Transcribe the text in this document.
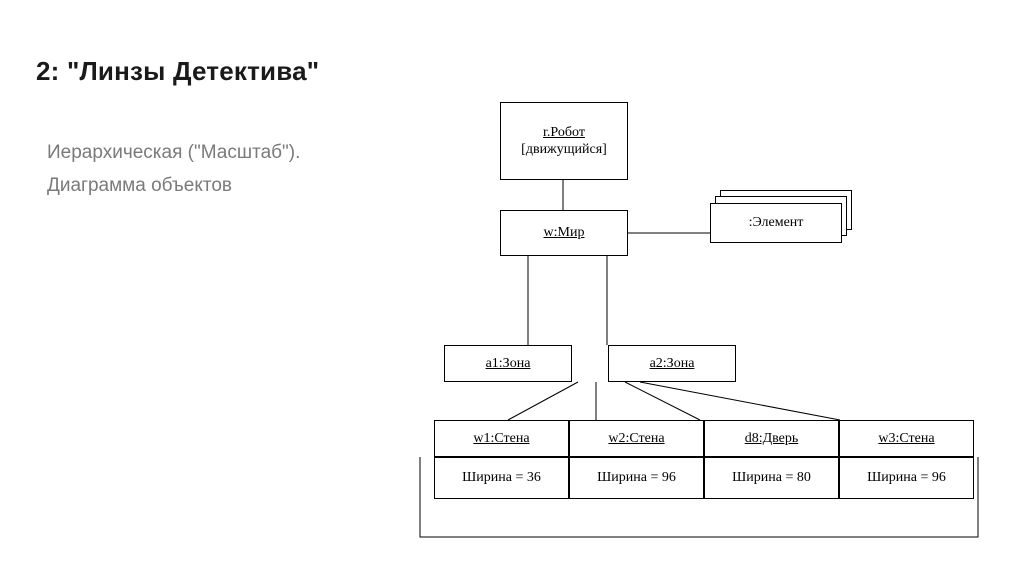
2: "Линзы Детектива"
Иерархическая ("Масштаб").
Диаграмма объектов
r.Робот
[движущийся]
w:Мир
:Элемент
a1:Зона	a2:Зона
w1:Стена
Ширина = 36
w2:Стена
Ширина = 96
d8:Дверь
Ширина = 80
w3:Стена
Ширина = 96
